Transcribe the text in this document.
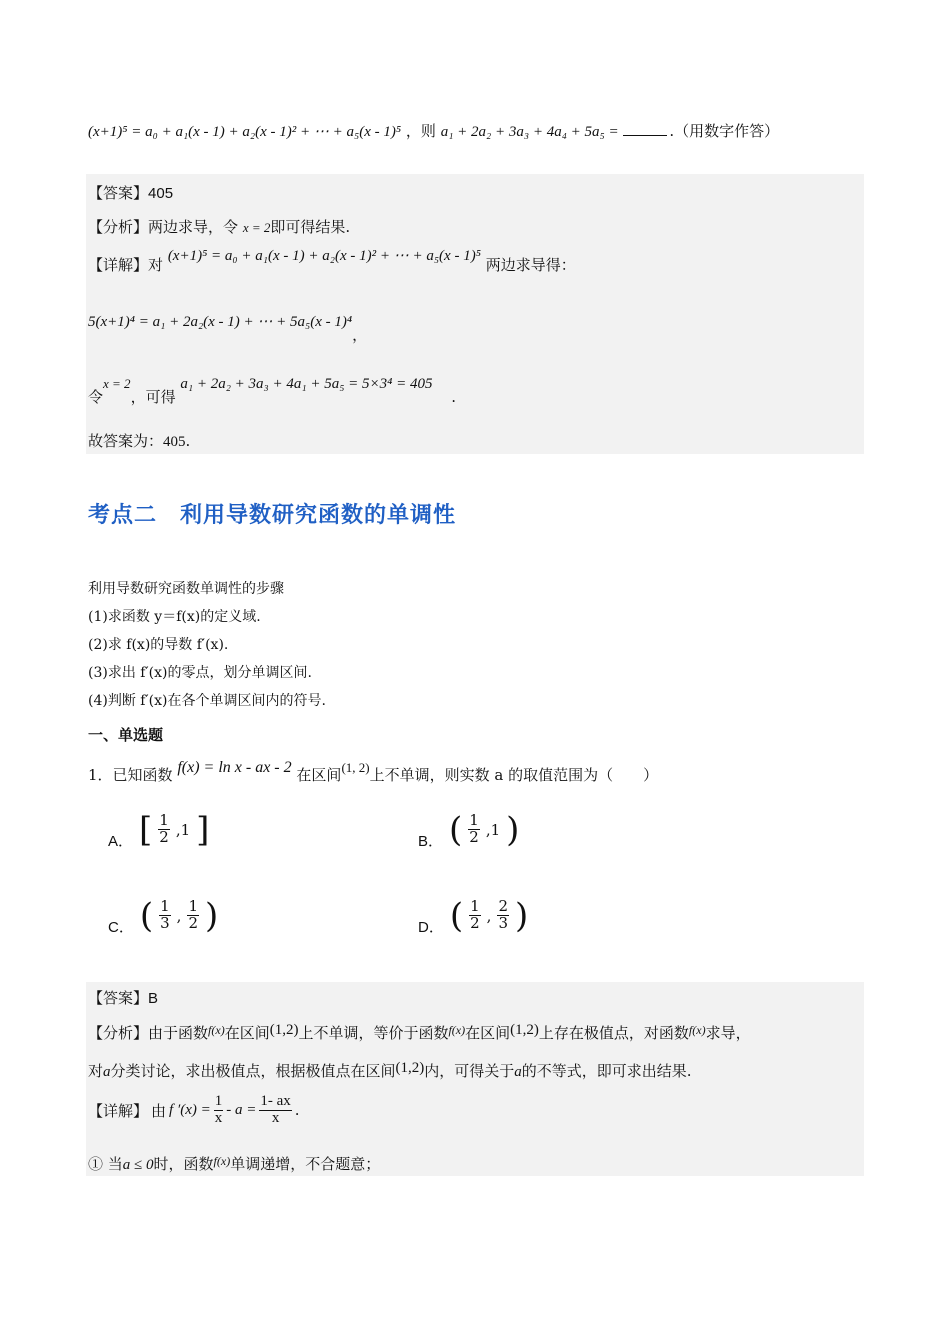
(x+1)⁵ = a₀ + a₁(x - 1) + a₂(x - 1)² + ⋯ + a₅(x - 1)⁵ ，则 a₁ + 2a₂ + 3a₃ + 4a₄ + 5a₅ =	.（用数字作答）
【答案】405
【分析】两边求导，令 x = 2即可得结果.
【详解】对 (x+1)⁵ = a₀ + a₁(x - 1) + a₂(x - 1)² + ⋯ + a₅(x - 1)⁵ 两边求导得：
5(x+1)⁴ = a₁ + 2a₂(x - 1) + ⋯ + 5a₅(x - 1)⁴，
令x = 2，可得 a₁ + 2a₂ + 3a₃ + 4a₁ + 5a₅ = 5×3⁴ = 405 .
故答案为：405.
考点二　利用导数研究函数的单调性
利用导数研究函数单调性的步骤
(1)求函数 y＝f(x)的定义域.
(2)求 f(x)的导数 f′(x).
(3)求出 f′(x)的零点，划分单调区间.
(4)判断 f′(x)在各个单调区间内的符号.
一、单选题
1．已知函数 f(x) = ln x - ax - 2 在区间(1, 2)上不单调，则实数 a 的取值范围为（　　）
A． [ $\frac{1}{2} ,1$ ]	B． ( $\frac{1}{2} ,1$ )
C． ( $\frac{1}{3}$ , $\frac{1}{2}$ )	D． ( $\frac{1}{2}$ , $\frac{2}{3}$ )
【答案】B
【分析】由于函数$^{f(x)}$在区间(1,2)上不单调，等价于函数$^{f(x)}$在区间(1,2)上存在极值点，对函数$^{f(x)}$求导，
对a分类讨论，求出极值点，根据极值点在区间(1,2)内，可得关于a的不等式，即可求出结果.
【详解】 由 f $'(x) = \frac{1}{x} - a = \frac{1- ax}{x}$ .
① 当a ≤ 0时，函数$^{f(x)}$单调递增，不合题意；
